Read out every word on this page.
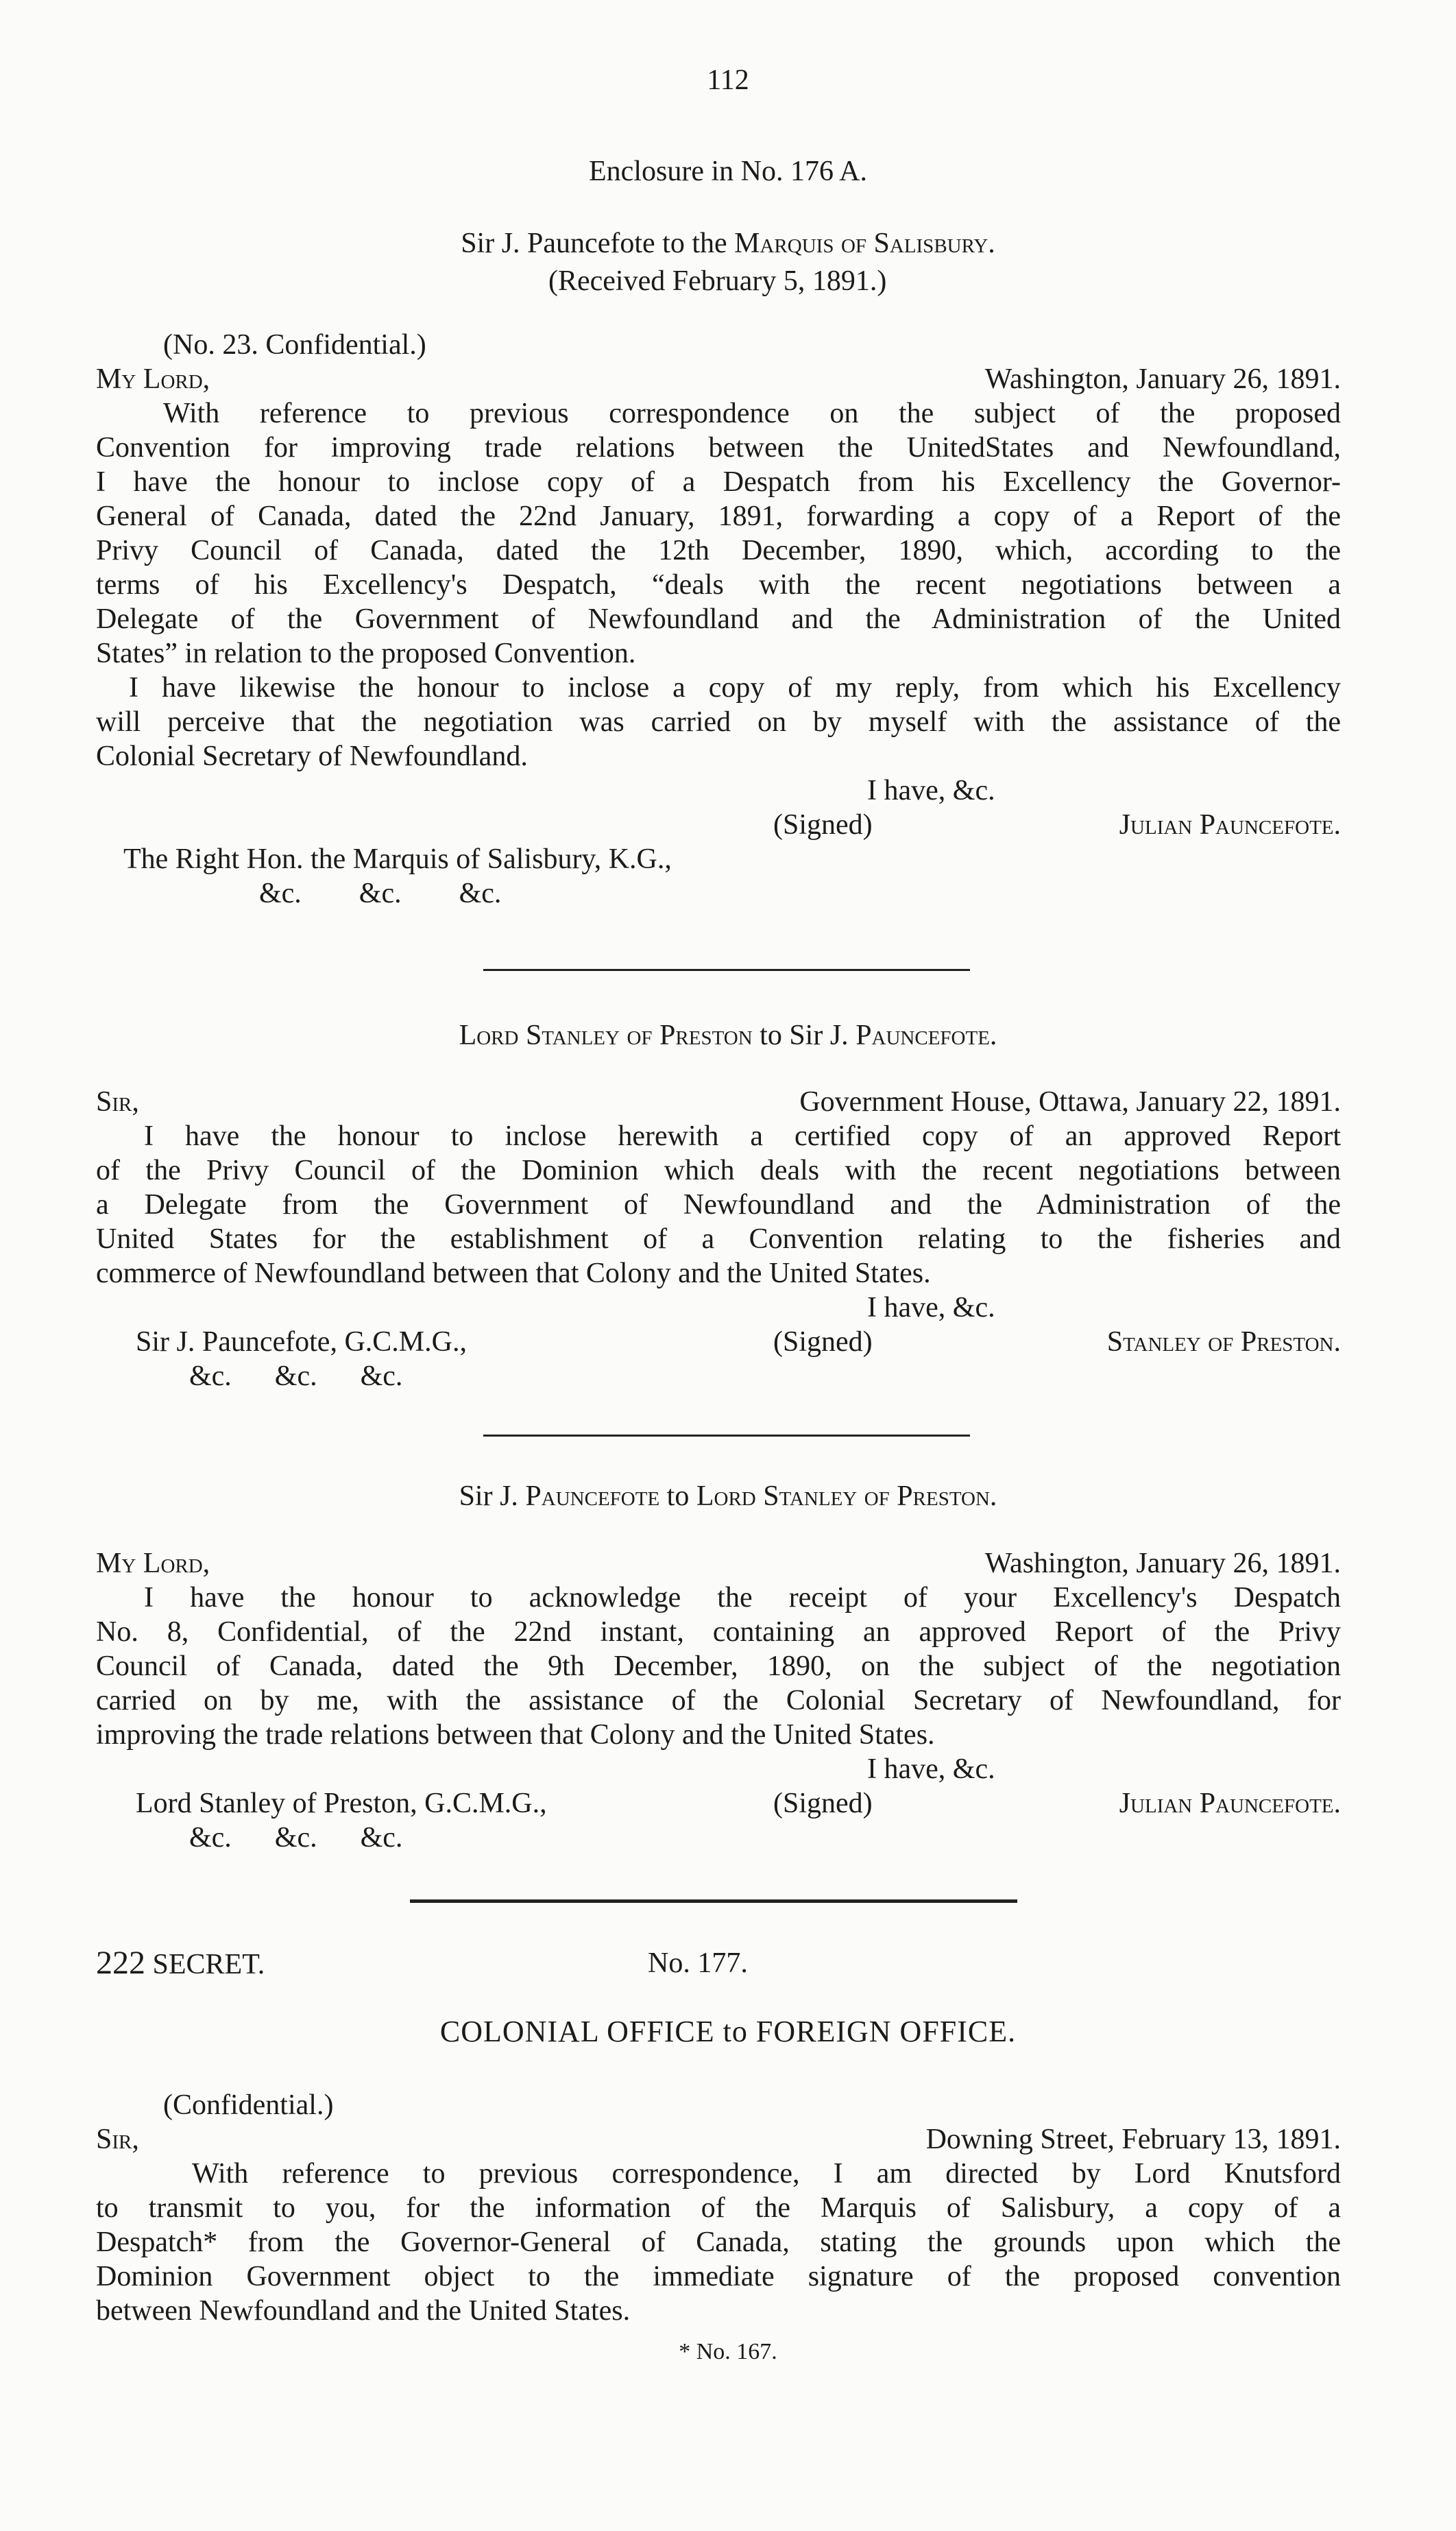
112
Enclosure in No. 176 A.
Sir J. Pauncefote to the Marquis of Salisbury.
(Received February 5, 1891.)
(No. 23. Confidential.)
My Lord,	Washington, January 26, 1891.
With reference to previous correspondence on the subject of the proposed
Convention for improving trade relations between the UnitedStates and Newfoundland,
I have the honour to inclose copy of a Despatch from his Excellency the Governor-
General of Canada, dated the 22nd January, 1891, forwarding a copy of a Report of the
Privy Council of Canada, dated the 12th December, 1890, which, according to the
terms of his Excellency's Despatch, “deals with the recent negotiations between a
Delegate of the Government of Newfoundland and the Administration of the United
States” in relation to the proposed Convention.
I have likewise the honour to inclose a copy of my reply, from which his Excellency
will perceive that the negotiation was carried on by myself with the assistance of the
Colonial Secretary of Newfoundland.
I have, &c.
(Signed)	Julian Pauncefote.
The Right Hon. the Marquis of Salisbury, K.G.,
&c.        &c.        &c.
Lord Stanley of Preston to Sir J. Pauncefote.
Sir,	Government House, Ottawa, January 22, 1891.
I have the honour to inclose herewith a certified copy of an approved Report
of the Privy Council of the Dominion which deals with the recent negotiations between
a Delegate from the Government of Newfoundland and the Administration of the
United States for the establishment of a Convention relating to the fisheries and
commerce of Newfoundland between that Colony and the United States.
I have, &c.
Sir J. Pauncefote, G.C.M.G.,	(Signed)	Stanley of Preston.
&c.      &c.      &c.
Sir J. Pauncefote to Lord Stanley of Preston.
My Lord,	Washington, January 26, 1891.
I have the honour to acknowledge the receipt of your Excellency's Despatch
No. 8, Confidential, of the 22nd instant, containing an approved Report of the Privy
Council of Canada, dated the 9th December, 1890, on the subject of the negotiation
carried on by me, with the assistance of the Colonial Secretary of Newfoundland, for
improving the trade relations between that Colony and the United States.
I have, &c.
Lord Stanley of Preston, G.C.M.G.,	(Signed)	Julian Pauncefote.
&c.      &c.      &c.
222 SECRET.	No. 177.
COLONIAL OFFICE to FOREIGN OFFICE.
(Confidential.)
Sir,	Downing Street, February 13, 1891.
With reference to previous correspondence, I am directed by Lord Knutsford
to transmit to you, for the information of the Marquis of Salisbury, a copy of a
Despatch* from the Governor-General of Canada, stating the grounds upon which the
Dominion Government object to the immediate signature of the proposed convention
between Newfoundland and the United States.
* No. 167.
